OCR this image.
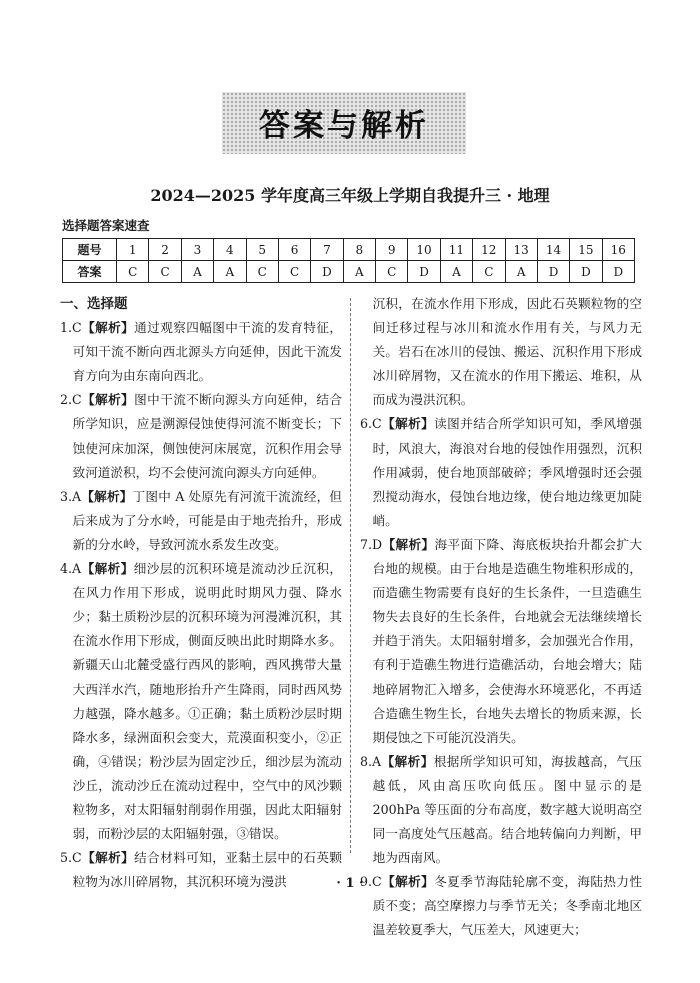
答案与解析
2024—2025 学年度高三年级上学期自我提升三 · 地理
选择题答案速查
题号	1	2	3	4	5	6	7	8	9	10	11	12	13	14	15	16
答案	C	C	A	A	C	C	D	A	C	D	A	C	A	D	D	D
一、选择题

1.C【解析】通过观察四幅图中干流的发育特征，可知干流不断向西北源头方向延伸，因此干流发育方向为由东南向西北。

2.C【解析】图中干流不断向源头方向延伸，结合所学知识，应是溯源侵蚀使得河流不断变长；下蚀使河床加深，侧蚀使河床展宽，沉积作用会导致河道淤积，均不会使河流向源头方向延伸。

3.A【解析】丁图中 A 处原先有河流干流流经，但后来成为了分水岭，可能是由于地壳抬升，形成新的分水岭，导致河流水系发生改变。

4.A【解析】细沙层的沉积环境是流动沙丘沉积，在风力作用下形成，说明此时期风力强、降水少；黏土质粉沙层的沉积环境为河漫滩沉积，其在流水作用下形成，侧面反映出此时期降水多。新疆天山北麓受盛行西风的影响，西风携带大量大西洋水汽，随地形抬升产生降雨，同时西风势力越强，降水越多。①正确；黏土质粉沙层时期降水多，绿洲面积会变大，荒漠面积变小，②正确，④错误；粉沙层为固定沙丘，细沙层为流动沙丘，流动沙丘在流动过程中，空气中的风沙颗粒物多，对太阳辐射削弱作用强，因此太阳辐射弱，而粉沙层的太阳辐射强，③错误。

5.C【解析】结合材料可知，亚黏土层中的石英颗粒物为冰川碎屑物，其沉积环境为漫洪

沉积，在流水作用下形成，因此石英颗粒物的空间迁移过程与冰川和流水作用有关，与风力无关。岩石在冰川的侵蚀、搬运、沉积作用下形成冰川碎屑物，又在流水的作用下搬运、堆积，从而成为漫洪沉积。

6.C【解析】读图并结合所学知识可知，季风增强时，风浪大，海浪对台地的侵蚀作用强烈，沉积作用减弱，使台地顶部破碎；季风增强时还会强烈搅动海水，侵蚀台地边缘，使台地边缘更加陡峭。

7.D【解析】海平面下降、海底板块抬升都会扩大台地的规模。由于台地是造礁生物堆积形成的，而造礁生物需要有良好的生长条件，一旦造礁生物失去良好的生长条件，台地就会无法继续增长并趋于消失。太阳辐射增多，会加强光合作用，有利于造礁生物进行造礁活动，台地会增大；陆地碎屑物汇入增多，会使海水环境恶化，不再适合造礁生物生长，台地失去增长的物质来源，长期侵蚀之下可能沉没消失。

8.A【解析】根据所学知识可知，海拔越高，气压越低，风由高压吹向低压。图中显示的是 200hPa 等压面的分布高度，数字越大说明高空同一高度处气压越高。结合地转偏向力判断，甲地为西南风。

9.C【解析】冬夏季节海陆轮廓不变，海陆热力性质不变；高空摩擦力与季节无关；冬季南北地区温差较夏季大，气压差大，风速更大；

· 1 ·
